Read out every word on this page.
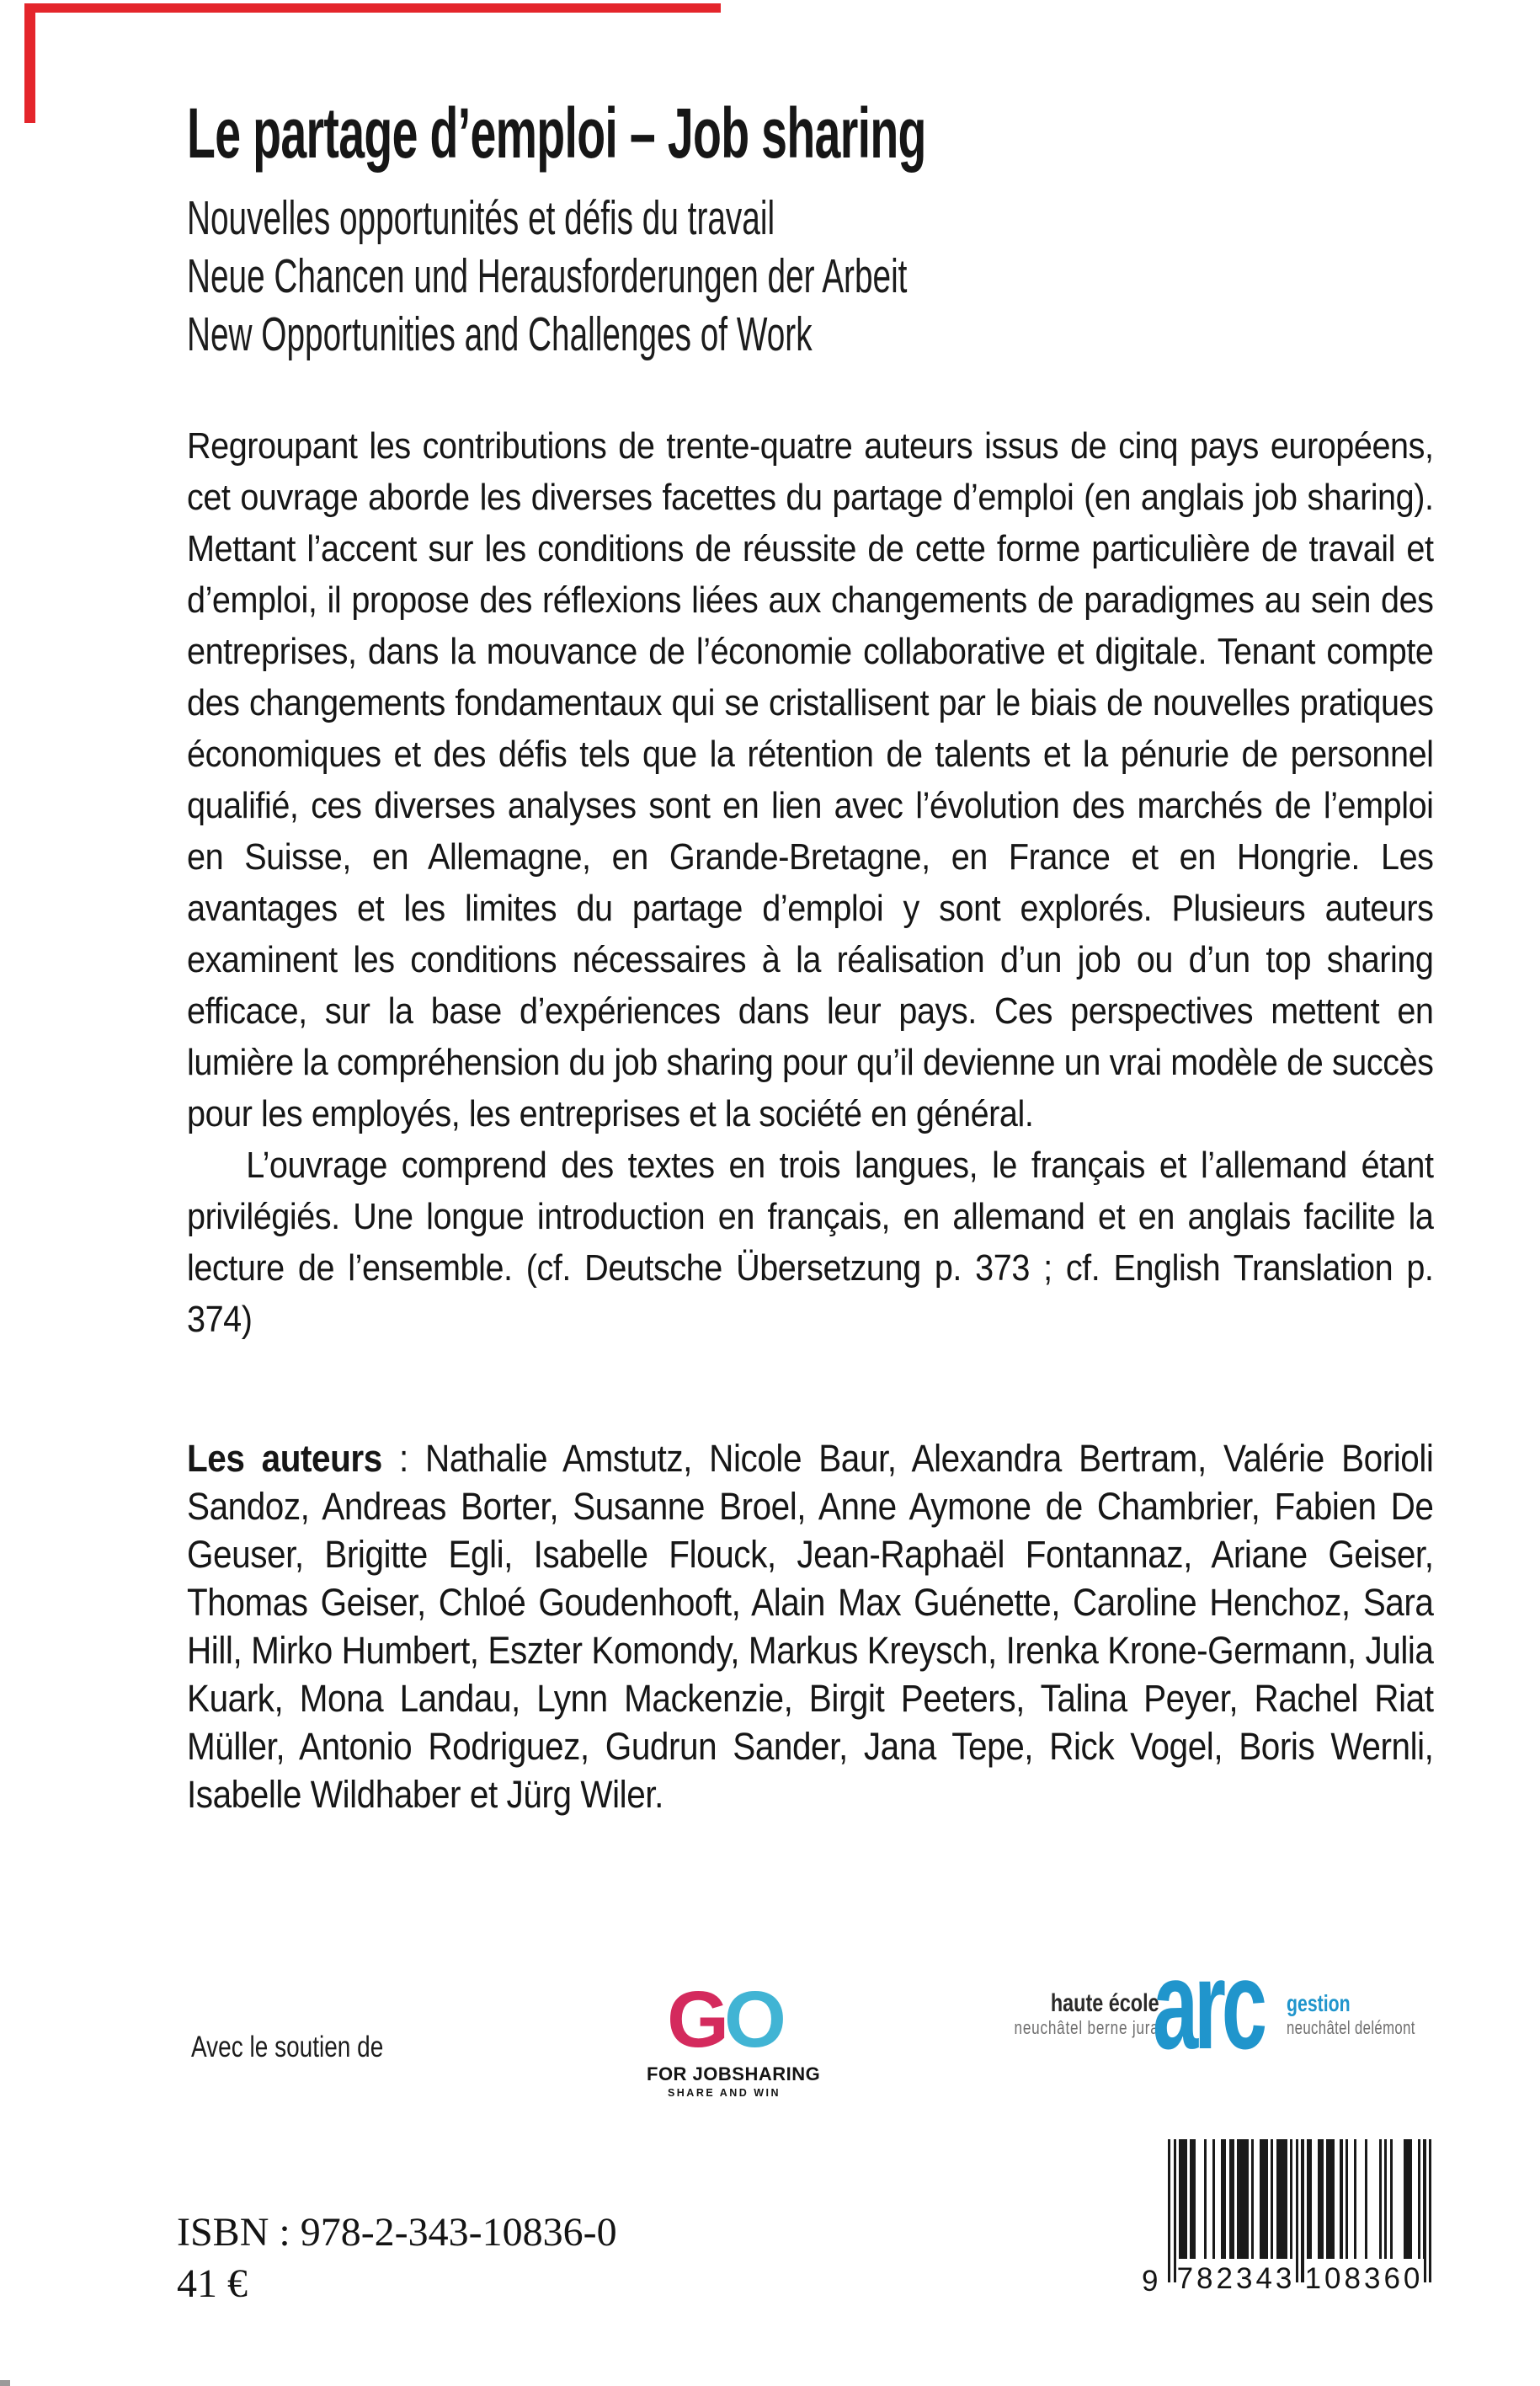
Le partage d’emploi – Job sharing
Nouvelles opportunités et défis du travail
Neue Chancen und Herausforderungen der Arbeit
New Opportunities and Challenges of Work

Regroupant les contributions de trente-quatre auteurs issus de cinq pays européens, cet ouvrage aborde les diverses facettes du partage d’emploi (en anglais job sharing). Mettant l’accent sur les conditions de réussite de cette forme particulière de travail et d’emploi, il propose des réflexions liées aux changements de paradigmes au sein des entreprises, dans la mouvance de l’économie collaborative et digitale. Tenant compte des changements fondamentaux qui se cristallisent par le biais de nouvelles pratiques économiques et des défis tels que la rétention de talents et la pénurie de personnel qualifié, ces diverses analyses sont en lien avec l’évolution des marchés de l’emploi en Suisse, en Allemagne, en Grande-Bretagne, en France et en Hongrie. Les avantages et les limites du partage d’emploi y sont explorés. Plusieurs auteurs examinent les conditions nécessaires à la réalisation d’un job ou d’un top sharing efficace, sur la base d’expériences dans leur pays. Ces perspectives mettent en lumière la compréhension du job sharing pour qu’il devienne un vrai modèle de succès pour les employés, les entreprises et la société en général.

L’ouvrage comprend des textes en trois langues, le français et l’allemand étant privilégiés. Une longue introduction en français, en allemand et en anglais facilite la lecture de l’ensemble. (cf. Deutsche Übersetzung p. 373 ; cf. English Translation p. 374)

Les auteurs : Nathalie Amstutz, Nicole Baur, Alexandra Bertram, Valérie Borioli Sandoz, Andreas Borter, Susanne Broel, Anne Aymone de Chambrier, Fabien De Geuser, Brigitte Egli, Isabelle Flouck, Jean-Raphaël Fontannaz, Ariane Geiser, Thomas Geiser, Chloé Goudenhooft, Alain Max Guénette, Caroline Henchoz, Sara Hill, Mirko Humbert, Eszter Komondy, Markus Kreysch, Irenka Krone-Germann, Julia Kuark, Mona Landau, Lynn Mackenzie, Birgit Peeters, Talina Peyer, Rachel Riat Müller, Antonio Rodriguez, Gudrun Sander, Jana Tepe, Rick Vogel, Boris Wernli, Isabelle Wildhaber et Jürg Wiler.
Avec le soutien de	GO
FOR JOBSHARING
SHARE AND WIN
haute école
neuchâtel berne jura
arc gestion
neuchâtel delémont
ISBN : 978-2-343-10836-0
41 €	9 782343 108360
